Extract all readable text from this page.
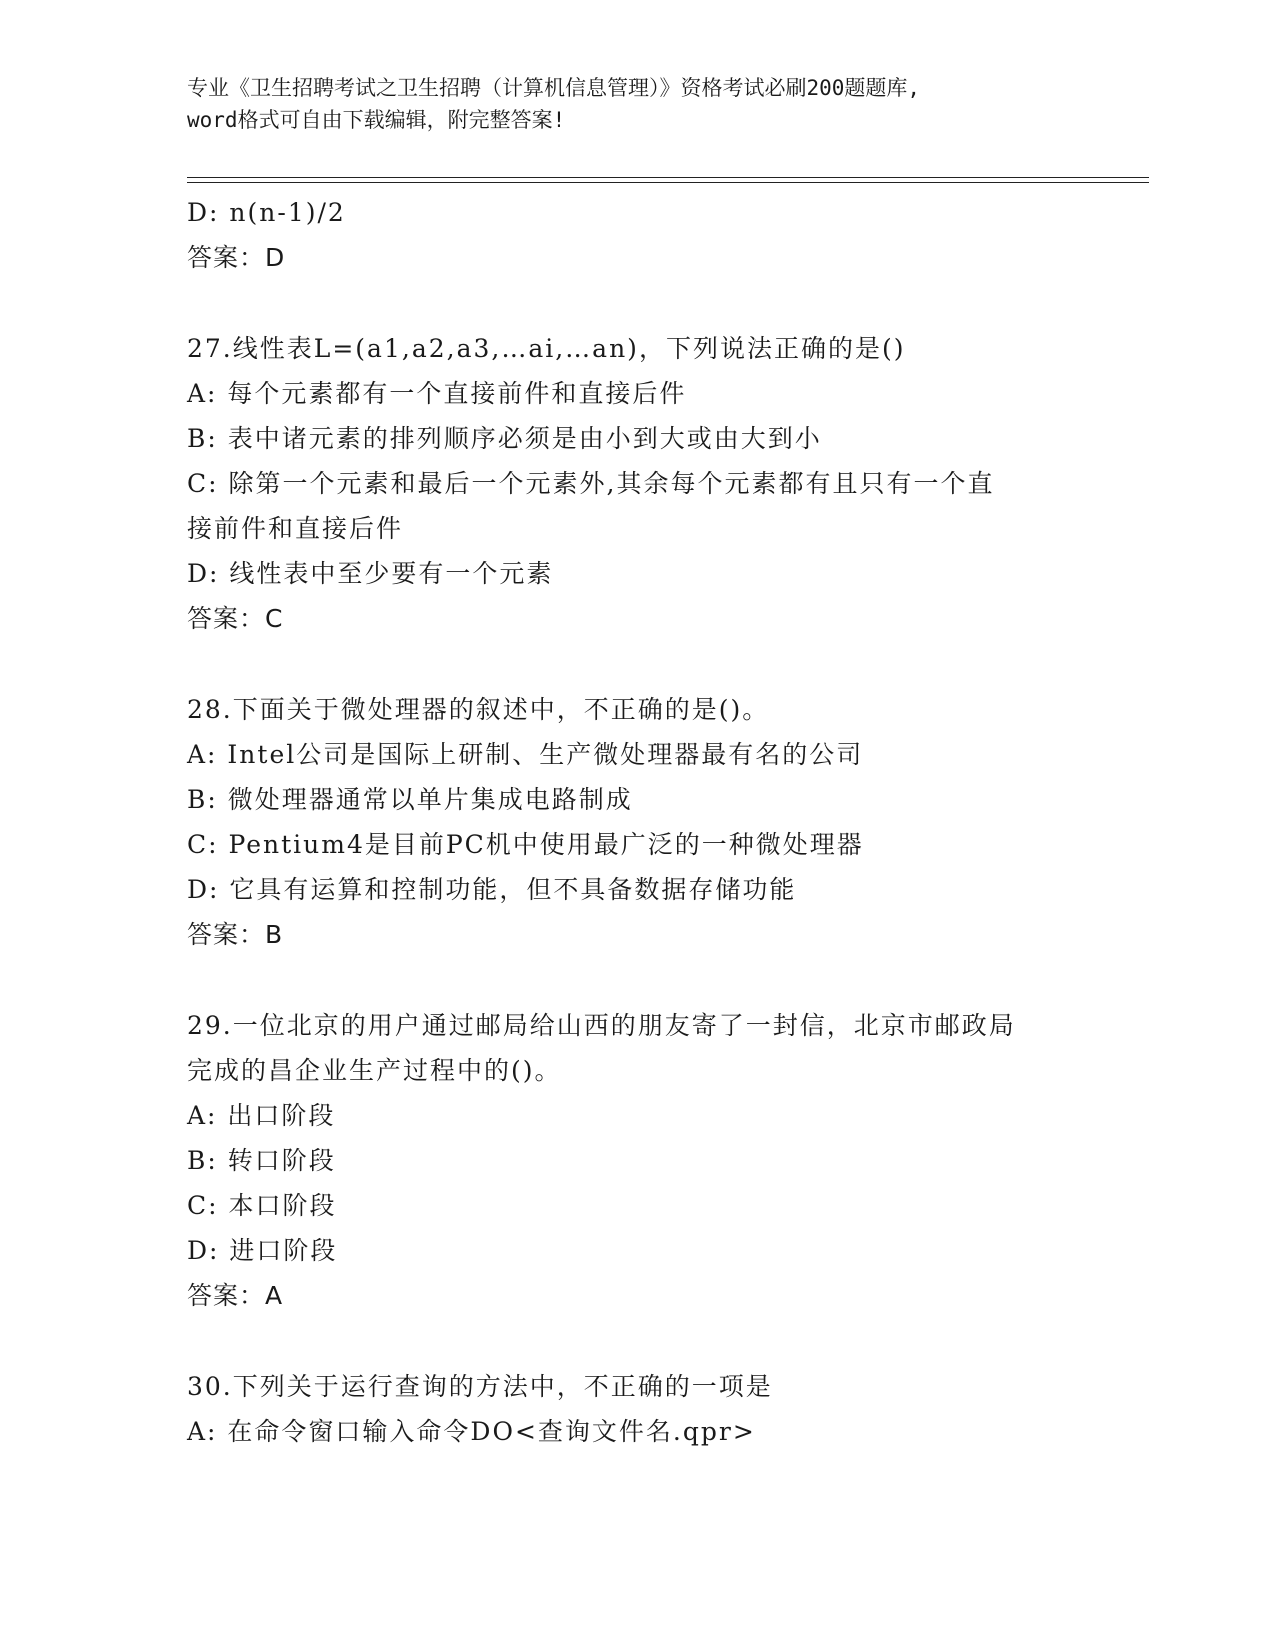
专业《卫生招聘考试之卫生招聘（计算机信息管理）》资格考试必刷200题题库,
word格式可自由下载编辑，附完整答案!
D: n(n-1)/2
答案：D
27.线性表L=(a1,a2,a3,…ai,…an)，下列说法正确的是()
A: 每个元素都有一个直接前件和直接后件
B: 表中诸元素的排列顺序必须是由小到大或由大到小
C: 除第一个元素和最后一个元素外,其余每个元素都有且只有一个直
接前件和直接后件
D: 线性表中至少要有一个元素
答案：C
28.下面关于微处理器的叙述中，不正确的是()。
A: Intel公司是国际上研制、生产微处理器最有名的公司
B: 微处理器通常以单片集成电路制成
C: Pentium4是目前PC机中使用最广泛的一种微处理器
D: 它具有运算和控制功能，但不具备数据存储功能
答案：B
29.一位北京的用户通过邮局给山西的朋友寄了一封信，北京市邮政局
完成的昌企业生产过程中的()。
A: 出口阶段
B: 转口阶段
C: 本口阶段
D: 进口阶段
答案：A
30.下列关于运行查询的方法中，不正确的一项是
A: 在命令窗口输入命令DO<查询文件名.qpr>
